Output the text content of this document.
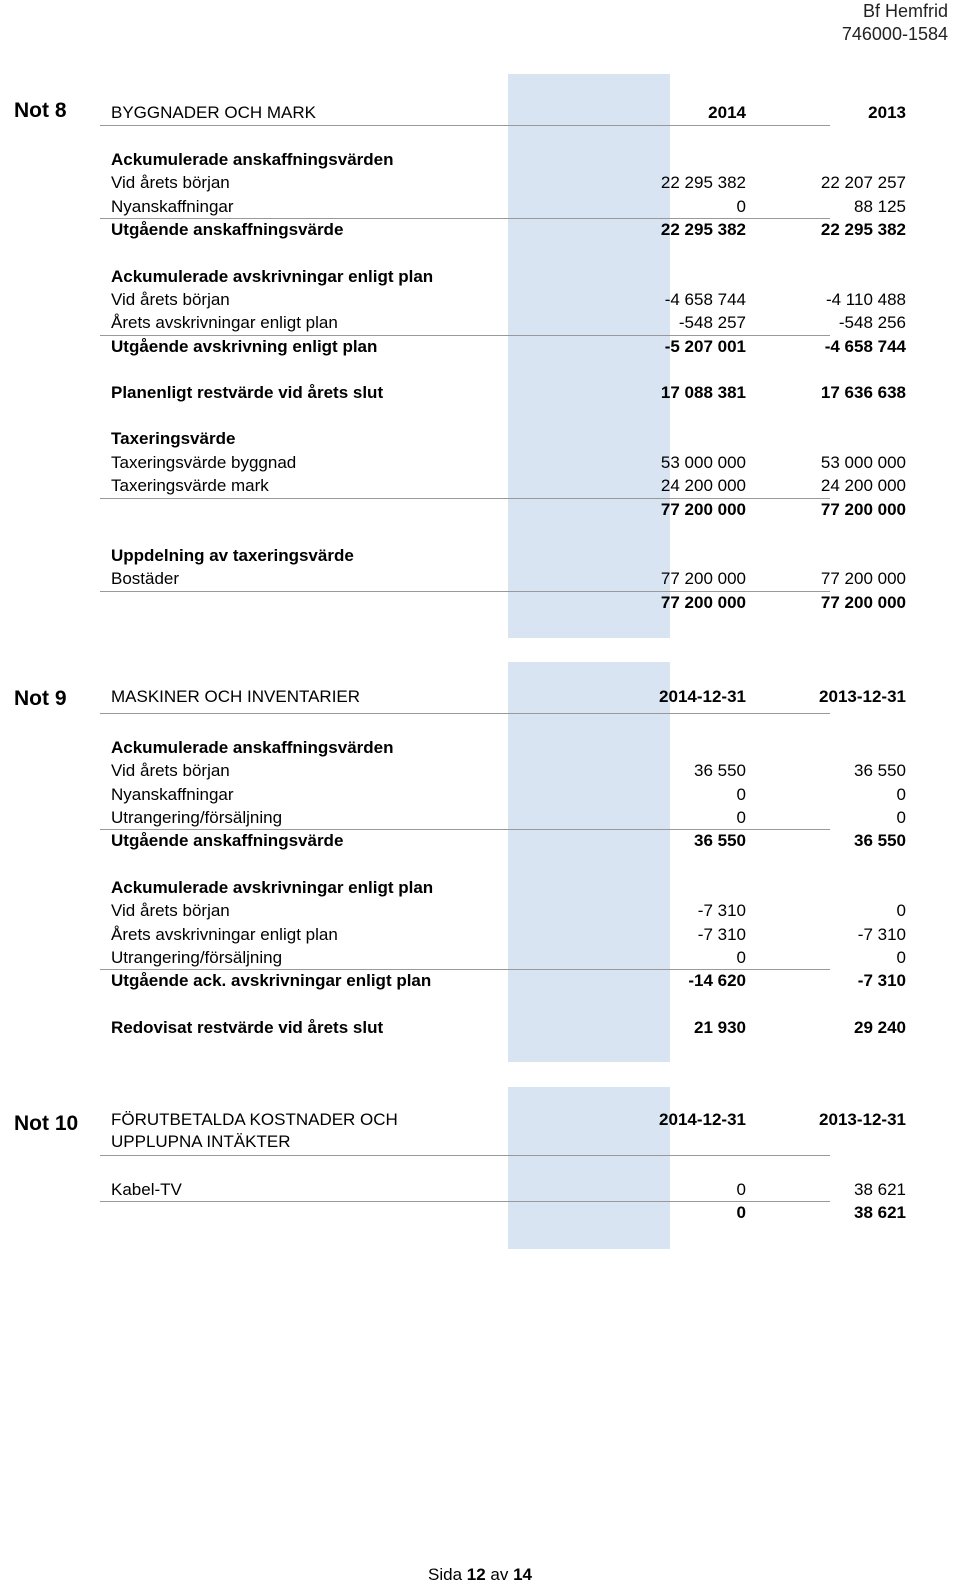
Bf Hemfrid
746000-1584
Not 8	BYGGNADER OCH MARK	2014	2013
Ackumulerade anskaffningsvärden
Vid årets början	22 295 382	22 207 257
Nyanskaffningar	0	88 125
Utgående anskaffningsvärde	22 295 382	22 295 382
Ackumulerade avskrivningar enligt plan
Vid årets början	-4 658 744	-4 110 488
Årets avskrivningar enligt plan	-548 257	-548 256
Utgående avskrivning enligt plan	-5 207 001	-4 658 744
Planenligt restvärde vid årets slut	17 088 381	17 636 638
Taxeringsvärde
Taxeringsvärde byggnad	53 000 000	53 000 000
Taxeringsvärde mark	24 200 000	24 200 000
77 200 000	77 200 000
Uppdelning av taxeringsvärde
Bostäder	77 200 000	77 200 000
77 200 000	77 200 000
Not 9	MASKINER OCH INVENTARIER	2014-12-31	2013-12-31
Ackumulerade anskaffningsvärden
Vid årets början	36 550	36 550
Nyanskaffningar	0	0
Utrangering/försäljning	0	0
Utgående anskaffningsvärde	36 550	36 550
Ackumulerade avskrivningar enligt plan
Vid årets början	-7 310	0
Årets avskrivningar enligt plan	-7 310	-7 310
Utrangering/försäljning	0	0
Utgående ack. avskrivningar enligt plan	-14 620	-7 310
Redovisat restvärde vid årets slut	21 930	29 240
Not 10 FÖRUTBETALDA KOSTNADER OCH	2014-12-31	2013-12-31
UPPLUPNA INTÄKTER
Kabel-TV	0	38 621
0	38 621
Sida 12 av 14
